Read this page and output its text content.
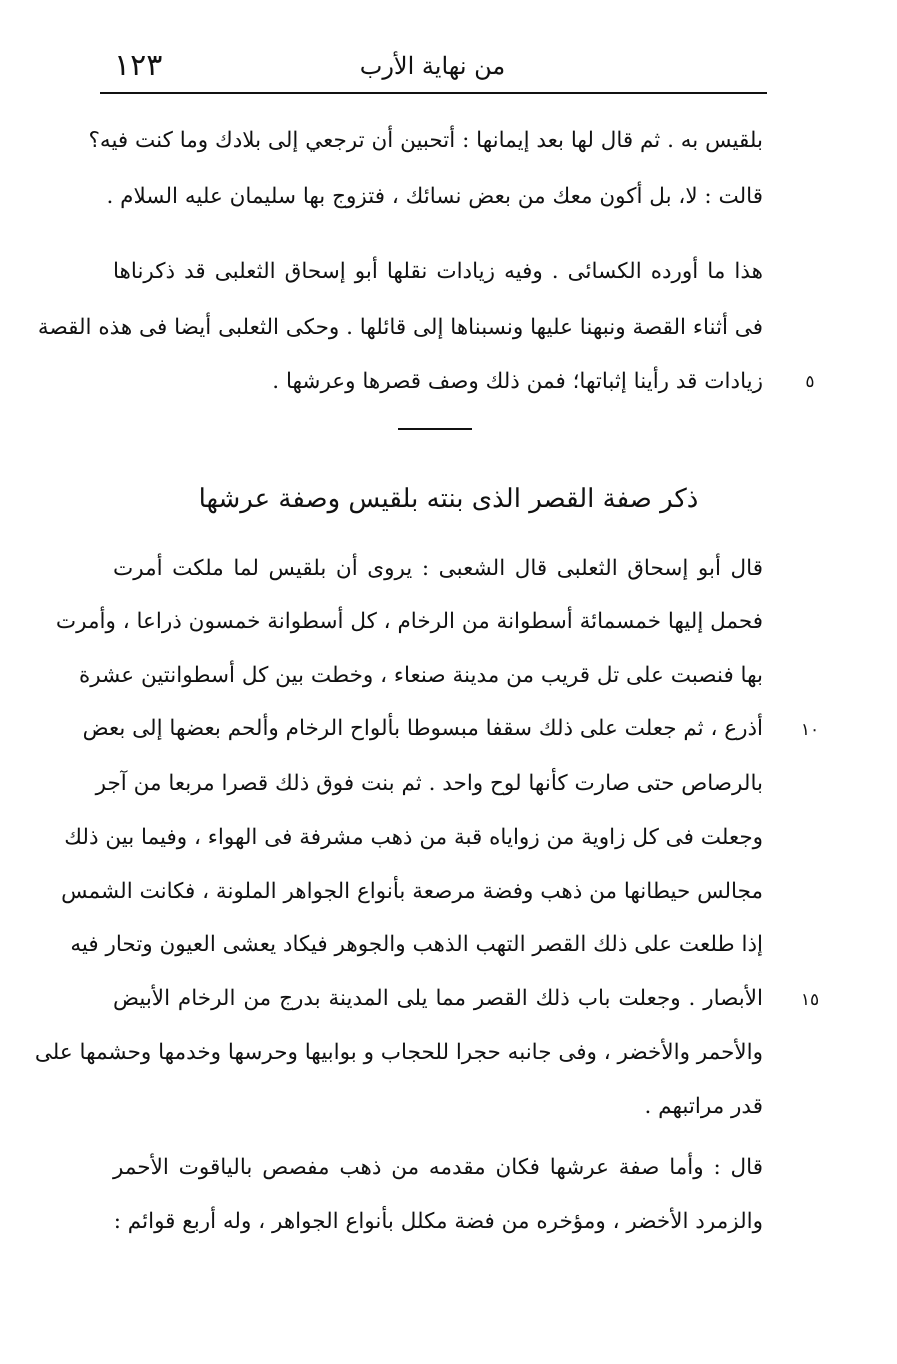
١٢٣	من نهاية الأرب
بلقيس به . ثم قال لها بعد إيمانها : أتحبين أن ترجعي إلى بلادك وما كنت فيه؟
قالت : لا، بل أكون معك من بعض نسائك ، فتزوج بها سليمان عليه السلام .
هذا ما أورده الكسائى . وفيه زيادات نقلها أبو إسحاق الثعلبى قد ذكرناها
فى أثناء القصة ونبهنا عليها ونسبناها إلى قائلها . وحكى الثعلبى أيضا فى هذه القصة
زيادات قد رأينا إثباتها؛ فمن ذلك وصف قصرها وعرشها .	٥
ذكر صفة القصر الذى بنته بلقيس وصفة عرشها
قال أبو إسحاق الثعلبى قال الشعبى : يروى أن بلقيس لما ملكت أمرت
فحمل إليها خمسمائة أسطوانة من الرخام ، كل أسطوانة خمسون ذراعا ، وأمرت
بها فنصبت على تل قريب من مدينة صنعاء ، وخطت بين كل أسطوانتين عشرة
أذرع ، ثم جعلت على ذلك سقفا مبسوطا بألواح الرخام وألحم بعضها إلى بعض	١٠
بالرصاص حتى صارت كأنها لوح واحد . ثم بنت فوق ذلك قصرا مربعا من آجر
وجعلت فى كل زاوية من زواياه قبة من ذهب مشرفة فى الهواء ، وفيما بين ذلك
مجالس حيطانها من ذهب وفضة مرصعة بأنواع الجواهر الملونة ، فكانت الشمس
إذا طلعت على ذلك القصر التهب الذهب والجوهر فيكاد يعشى العيون وتحار فيه
الأبصار . وجعلت باب ذلك القصر مما يلى المدينة بدرج من الرخام الأبيض	١٥
والأحمر والأخضر ، وفى جانبه حجرا للحجاب و بوابيها وحرسها وخدمها وحشمها على
قدر مراتبهم .
قال : وأما صفة عرشها فكان مقدمه من ذهب مفصص بالياقوت الأحمر
والزمرد الأخضر ، ومؤخره من فضة مكلل بأنواع الجواهر ، وله أربع قوائم :
